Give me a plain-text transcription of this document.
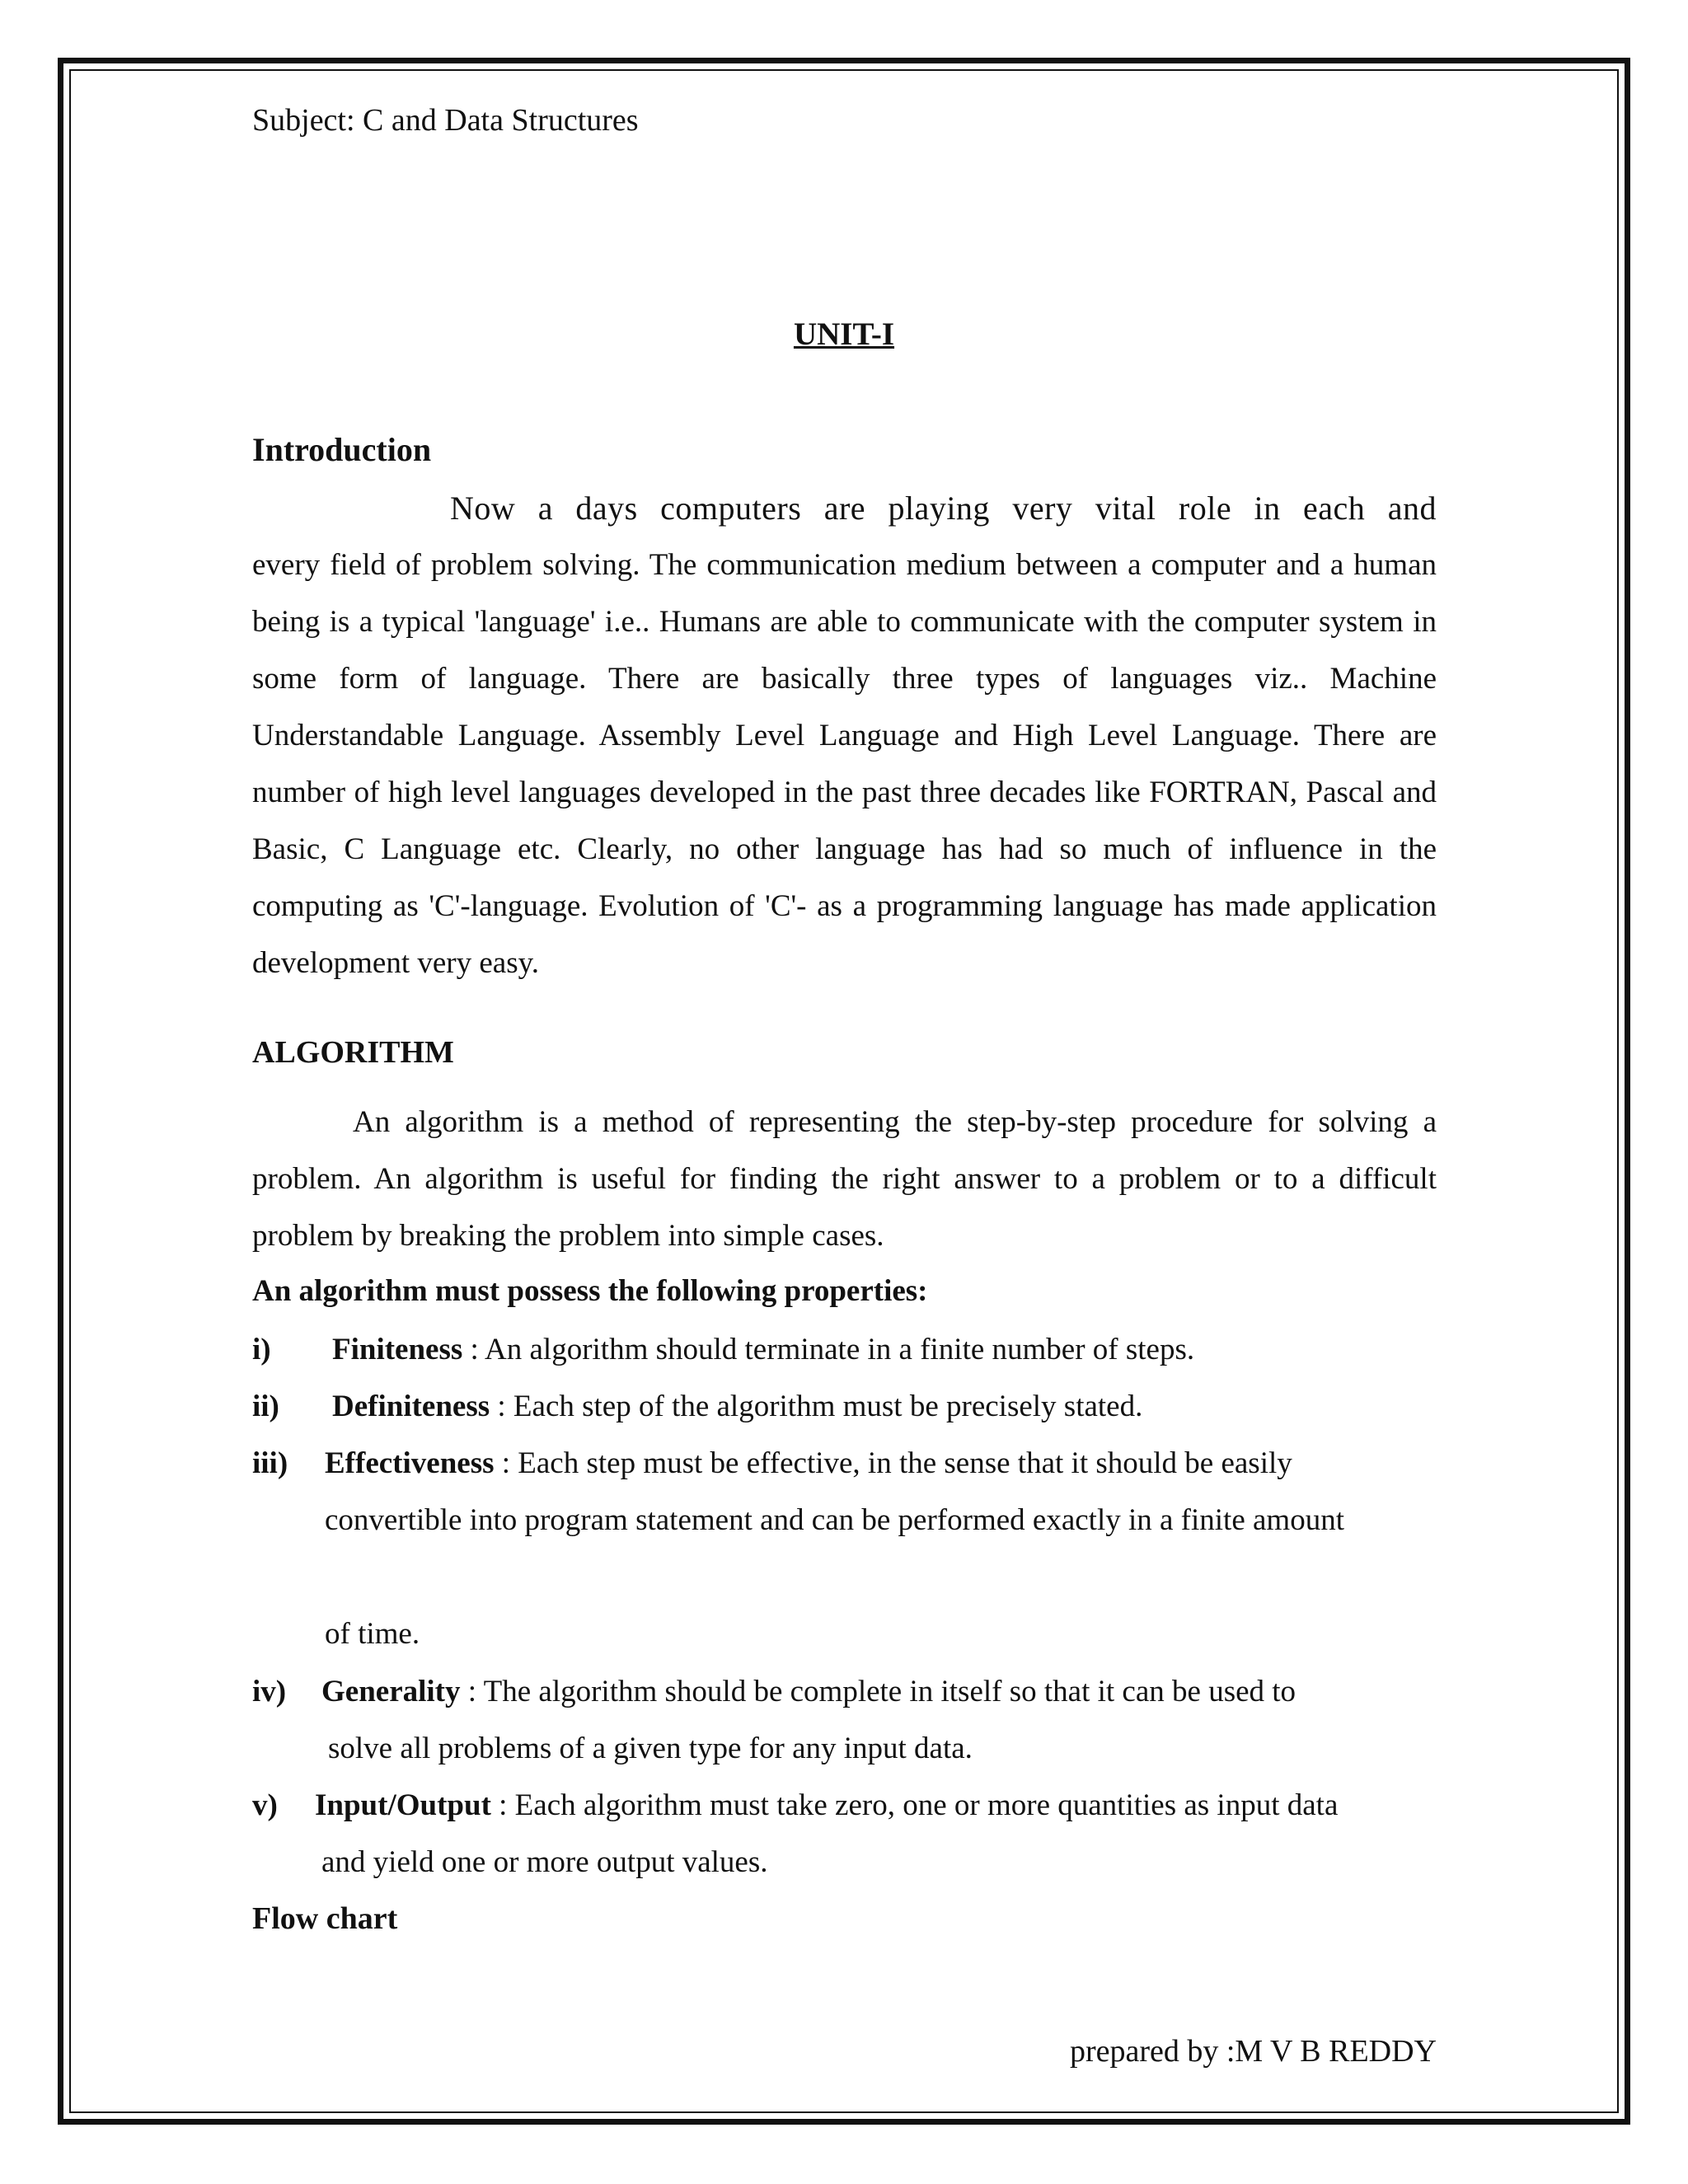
Subject: C and Data Structures

UNIT-I

Introduction
Now a days computers are playing very vital role in each and
every field of problem solving. The communication medium between a computer and a human being is a typical 'language' i.e.. Humans are able to communicate with the computer system in some form of language. There are basically three types of languages viz.. Machine Understandable Language. Assembly Level Language and High Level Language. There are number of high level languages developed in the past three decades like FORTRAN, Pascal and Basic, C Language etc. Clearly, no other language has had so much of influence in the computing as 'C'-language. Evolution of 'C'- as a programming language has made application development very easy.
ALGORITHM

An algorithm is a method of representing the step-by-step procedure for solving a problem. An algorithm is useful for finding the right answer to a problem or to a difficult problem by breaking the problem into simple cases.

An algorithm must possess the following properties:

i)	Finiteness : An algorithm should terminate in a finite number of steps.
ii)	Definiteness : Each step of the algorithm must be precisely stated.
iii)	Effectiveness : Each step must be effective, in the sense that it should be easily
convertible into program statement and can be performed exactly in a finite amount
of time.
iv)	Generality : The algorithm should be complete in itself so that it can be used to
solve all problems of a given type for any input data.
v)	Input/Output : Each algorithm must take zero, one or more quantities as input data
and yield one or more output values.
Flow chart

prepared by :M V B REDDY
